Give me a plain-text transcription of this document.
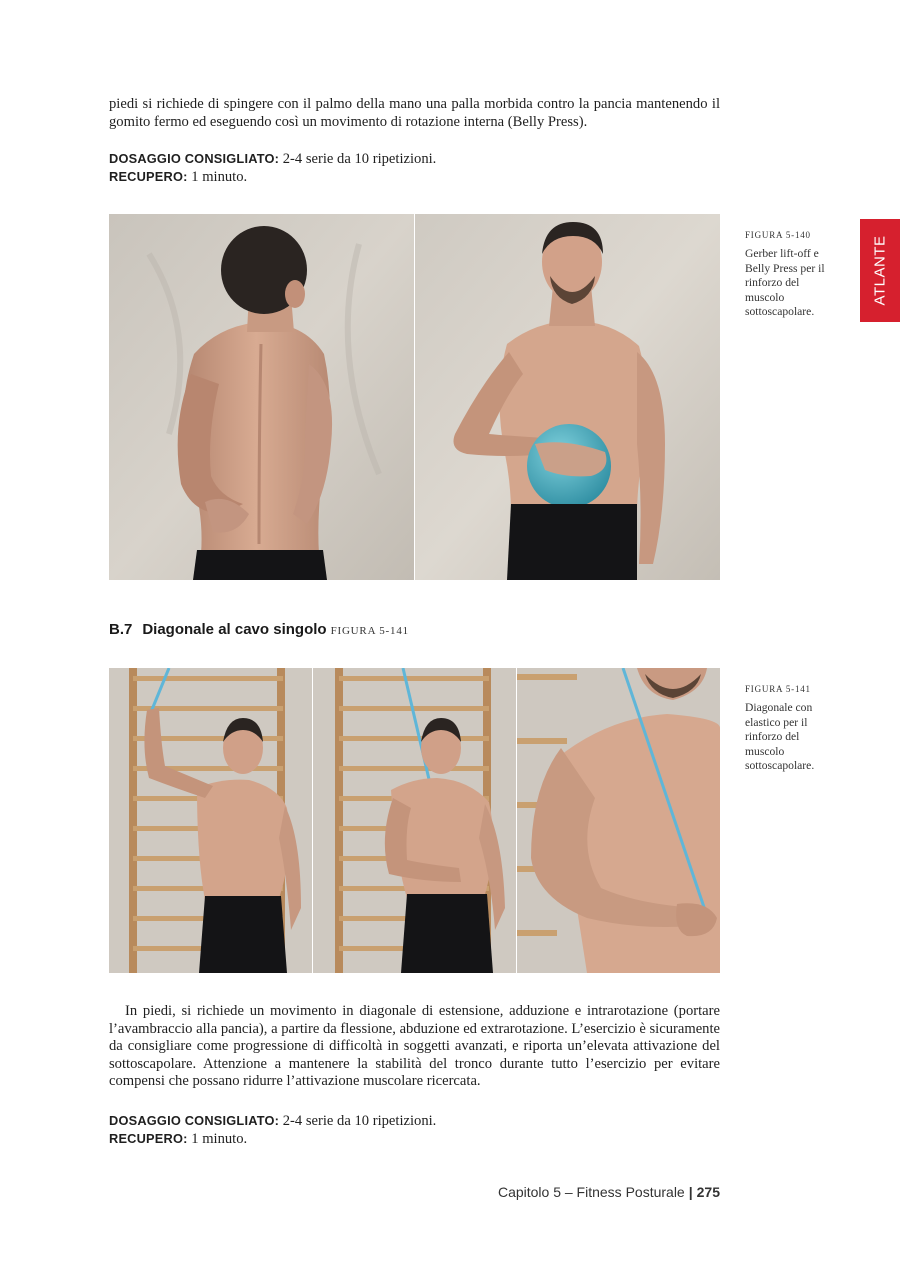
piedi si richiede di spingere con il palmo della mano una palla morbida contro la pancia mantenendo il gomito fermo ed eseguendo così un movimento di rotazione interna (Belly Press).

DOSAGGIO CONSIGLIATO: 2-4 serie da 10 ripetizioni.
RECUPERO: 1 minuto.
FIGURA 5-140
Gerber lift-off e Belly Press per il rinforzo del muscolo sottoscapolare.
ATLANTE
B.7 Diagonale al cavo singolo FIGURA 5-141
FIGURA 5-141
Diagonale con elastico per il rinforzo del muscolo sottoscapolare.

In piedi, si richiede un movimento in diagonale di estensione, adduzione e intrarotazione (portare l’avambraccio alla pancia), a partire da flessione, abduzione ed extrarotazione. L’esercizio è sicuramente da consigliare come progressione di difficoltà in soggetti avanzati, e riporta un’elevata attivazione del sottoscapolare. Attenzione a mantenere la stabilità del tronco durante tutto l’esercizio per evitare compensi che possano ridurre l’attivazione muscolare ricercata.

DOSAGGIO CONSIGLIATO: 2-4 serie da 10 ripetizioni.
RECUPERO: 1 minuto.
Capitolo 5 – Fitness Posturale | 275
